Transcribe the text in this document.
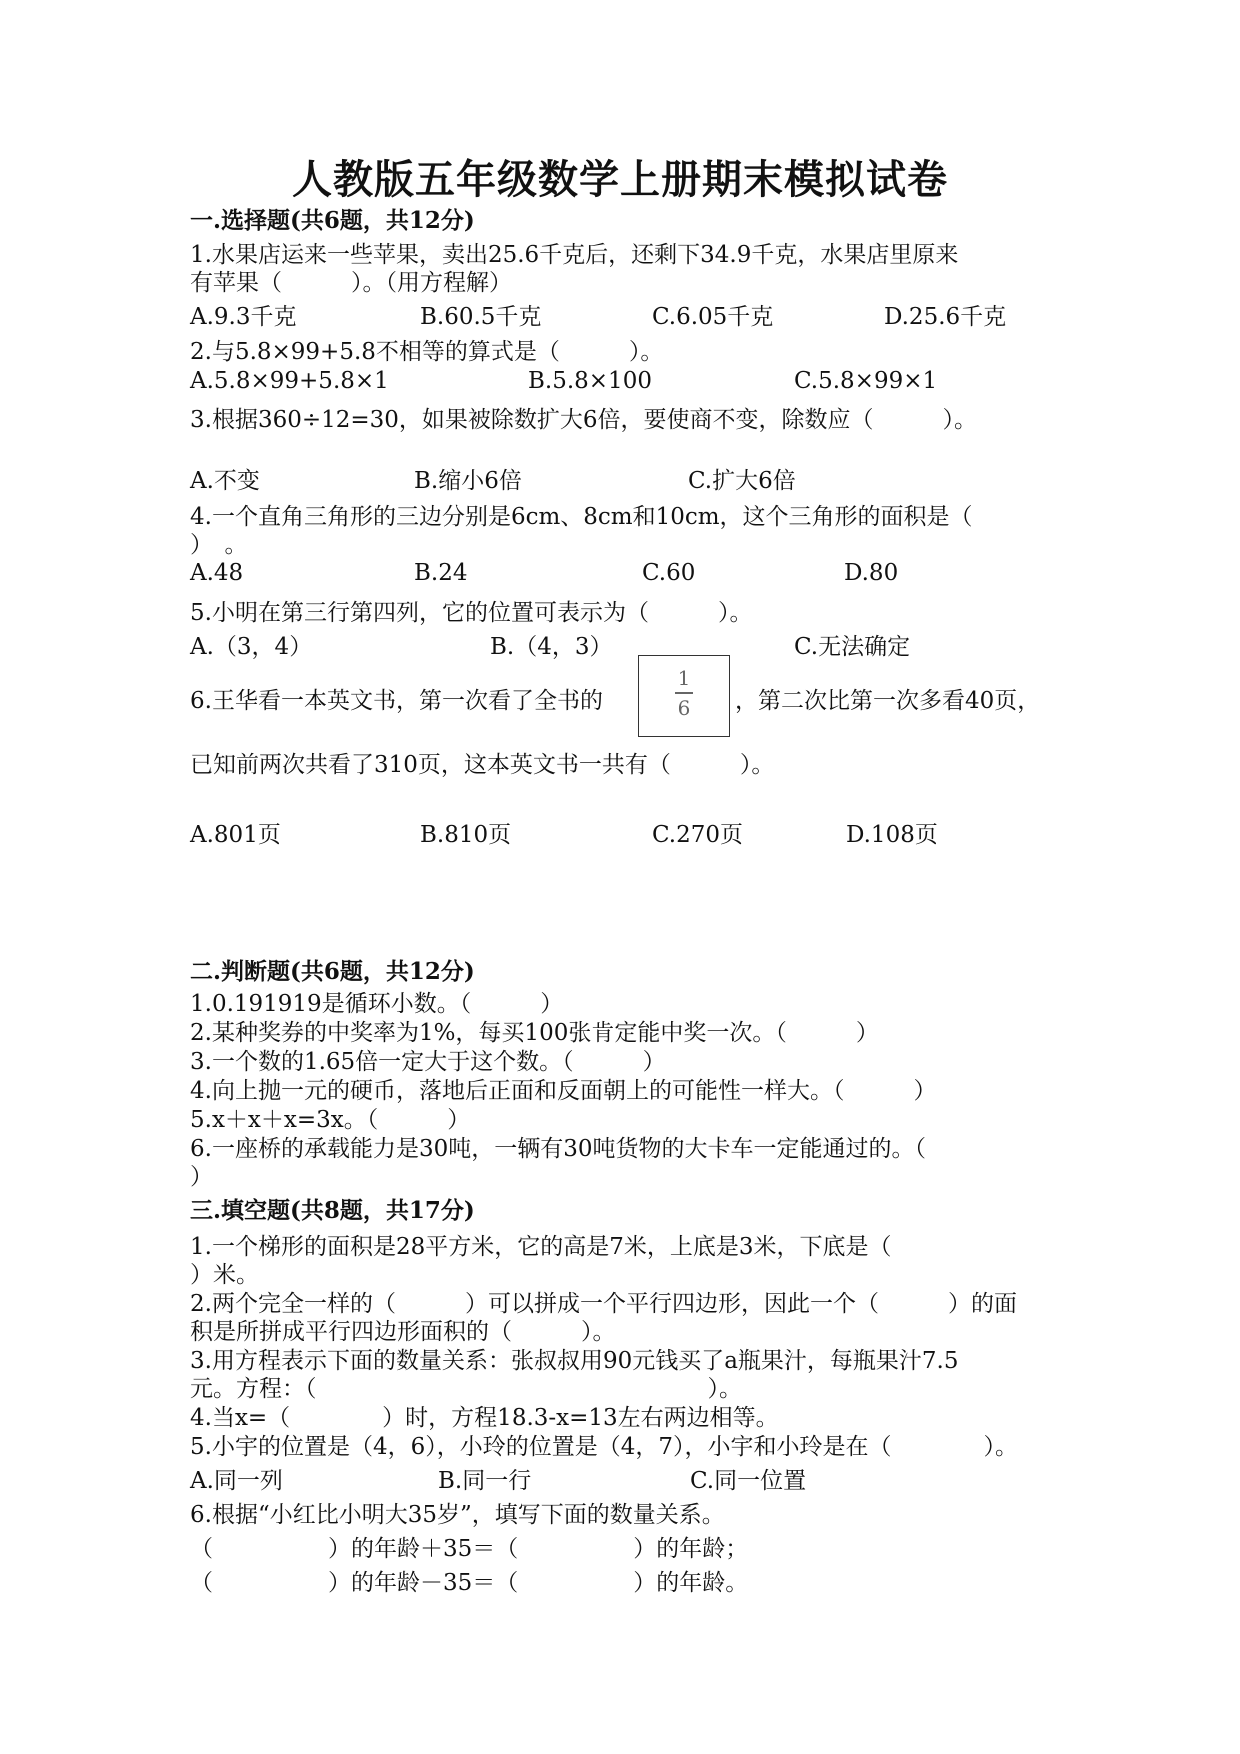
人教版五年级数学上册期末模拟试卷
一.选择题(共6题，共12分)
1.水果店运来一些苹果，卖出25.6千克后，还剩下34.9千克，水果店里原来
有苹果（　　　）。（用方程解）
A.9.3千克	B.60.5千克	C.6.05千克	D.25.6千克
2.与5.8×99+5.8不相等的算式是（　　　）。
A.5.8×99+5.8×1	B.5.8×100	C.5.8×99×1
3.根据360÷12=30，如果被除数扩大6倍，要使商不变，除数应（　　　）。
A.不变	B.缩小6倍	C.扩大6倍
4.一个直角三角形的三边分别是6cm、8cm和10cm，这个三角形的面积是（
）　。
A.48	B.24	C.60	D.80
5.小明在第三行第四列，它的位置可表示为（　　　）。
A.（3，4）	B.（4，3）	C.无法确定
6.王华看一本英文书，第一次看了全书的
1
6	，第二次比第一次多看40页，
已知前两次共看了310页，这本英文书一共有（　　　）。
A.801页	B.810页	C.270页	D.108页
二.判断题(共6题，共12分)
1.0.191919是循环小数。（　　　）
2.某种奖券的中奖率为1%，每买100张肯定能中奖一次。（　　　）
3.一个数的1.65倍一定大于这个数。（　　　）
4.向上抛一元的硬币，落地后正面和反面朝上的可能性一样大。（　　　）
5.x＋x＋x=3x。（　　　）
6.一座桥的承载能力是30吨，一辆有30吨货物的大卡车一定能通过的。（
）
三.填空题(共8题，共17分)
1.一个梯形的面积是28平方米，它的高是7米，上底是3米，下底是（
）米。
2.两个完全一样的（　　　）可以拼成一个平行四边形，因此一个（　　　）的面
积是所拼成平行四边形面积的（　　　）。
3.用方程表示下面的数量关系：张叔叔用90元钱买了a瓶果汁，每瓶果汁7.5
元。方程：（　　　　　　　　　　　　　　　　　）。
4.当x=（　　　　）时，方程18.3-x=13左右两边相等。
5.小宇的位置是（4，6），小玲的位置是（4，7），小宇和小玲是在（　　　　）。
A.同一列	B.同一行	C.同一位置
6.根据“小红比小明大35岁”，填写下面的数量关系。
（　　　　　）的年龄＋35＝（　　　　　）的年龄；
（　　　　　）的年龄－35＝（　　　　　）的年龄。
